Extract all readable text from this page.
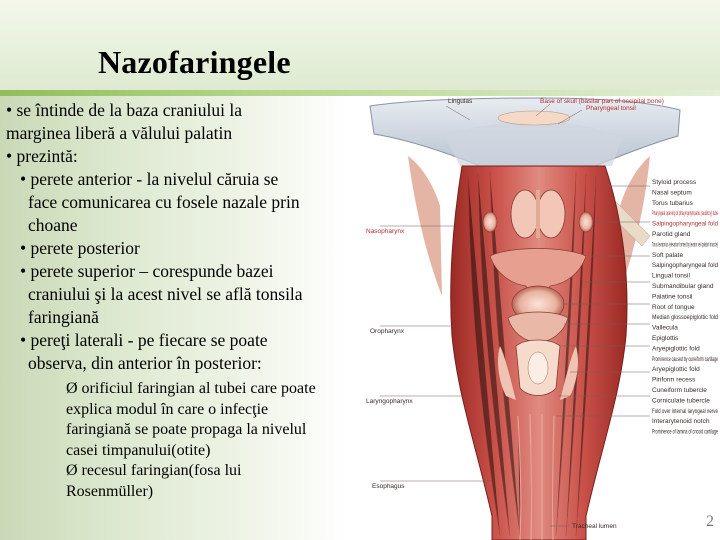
Nazofaringele
• se întinde de la baza craniului la
marginea liberă a vălului palatin
• prezintă:
• perete anterior - la nivelul căruia se
face comunicarea cu fosele nazale prin
choane
• perete posterior
• perete superior – corespunde bazei
craniului şi la acest nivel se află tonsila
faringiană
• pereţi laterali - pe fiecare se poate
observa, din anterior în posterior:
Ø orificiul faringian al tubei care poate
explica modul în care o infecţie
faringiană se poate propaga la nivelul
casei timpanului(otite)
Ø recesul faringian(fosa lui
Rosenmüller)
Lingulas	Base of skull (basilar part of occipital bone)
Pharyngeal tonsil
Nasopharynx
Oropharynx
Laryngopharynx
Esophagus
Styloid process
Nasal septum
Torus tubarius
Pharyngeal opening of pharyngotympanic (auditory) tube
Salpingopharyngeal fold
Parotid gland
Torus levatorius (elevation formed by levator veli palatini muscle)
Soft palate
Salpingopharyngeal fold
Lingual tonsil
Submandibular gland
Palatine tonsil
Root of tongue
Median glossoepiglottic fold
Vallecula
Epiglottis
Aryepiglottic fold
Prominence caused by cuneiform cartilage
Aryepiglottic fold
Piriform recess
Cuneiform tubercle
Corniculate tubercle
Fold over internal laryngeal nerve
Interarytenoid notch
Prominence of lamina of cricoid cartilage
Tracheal lumen	2
